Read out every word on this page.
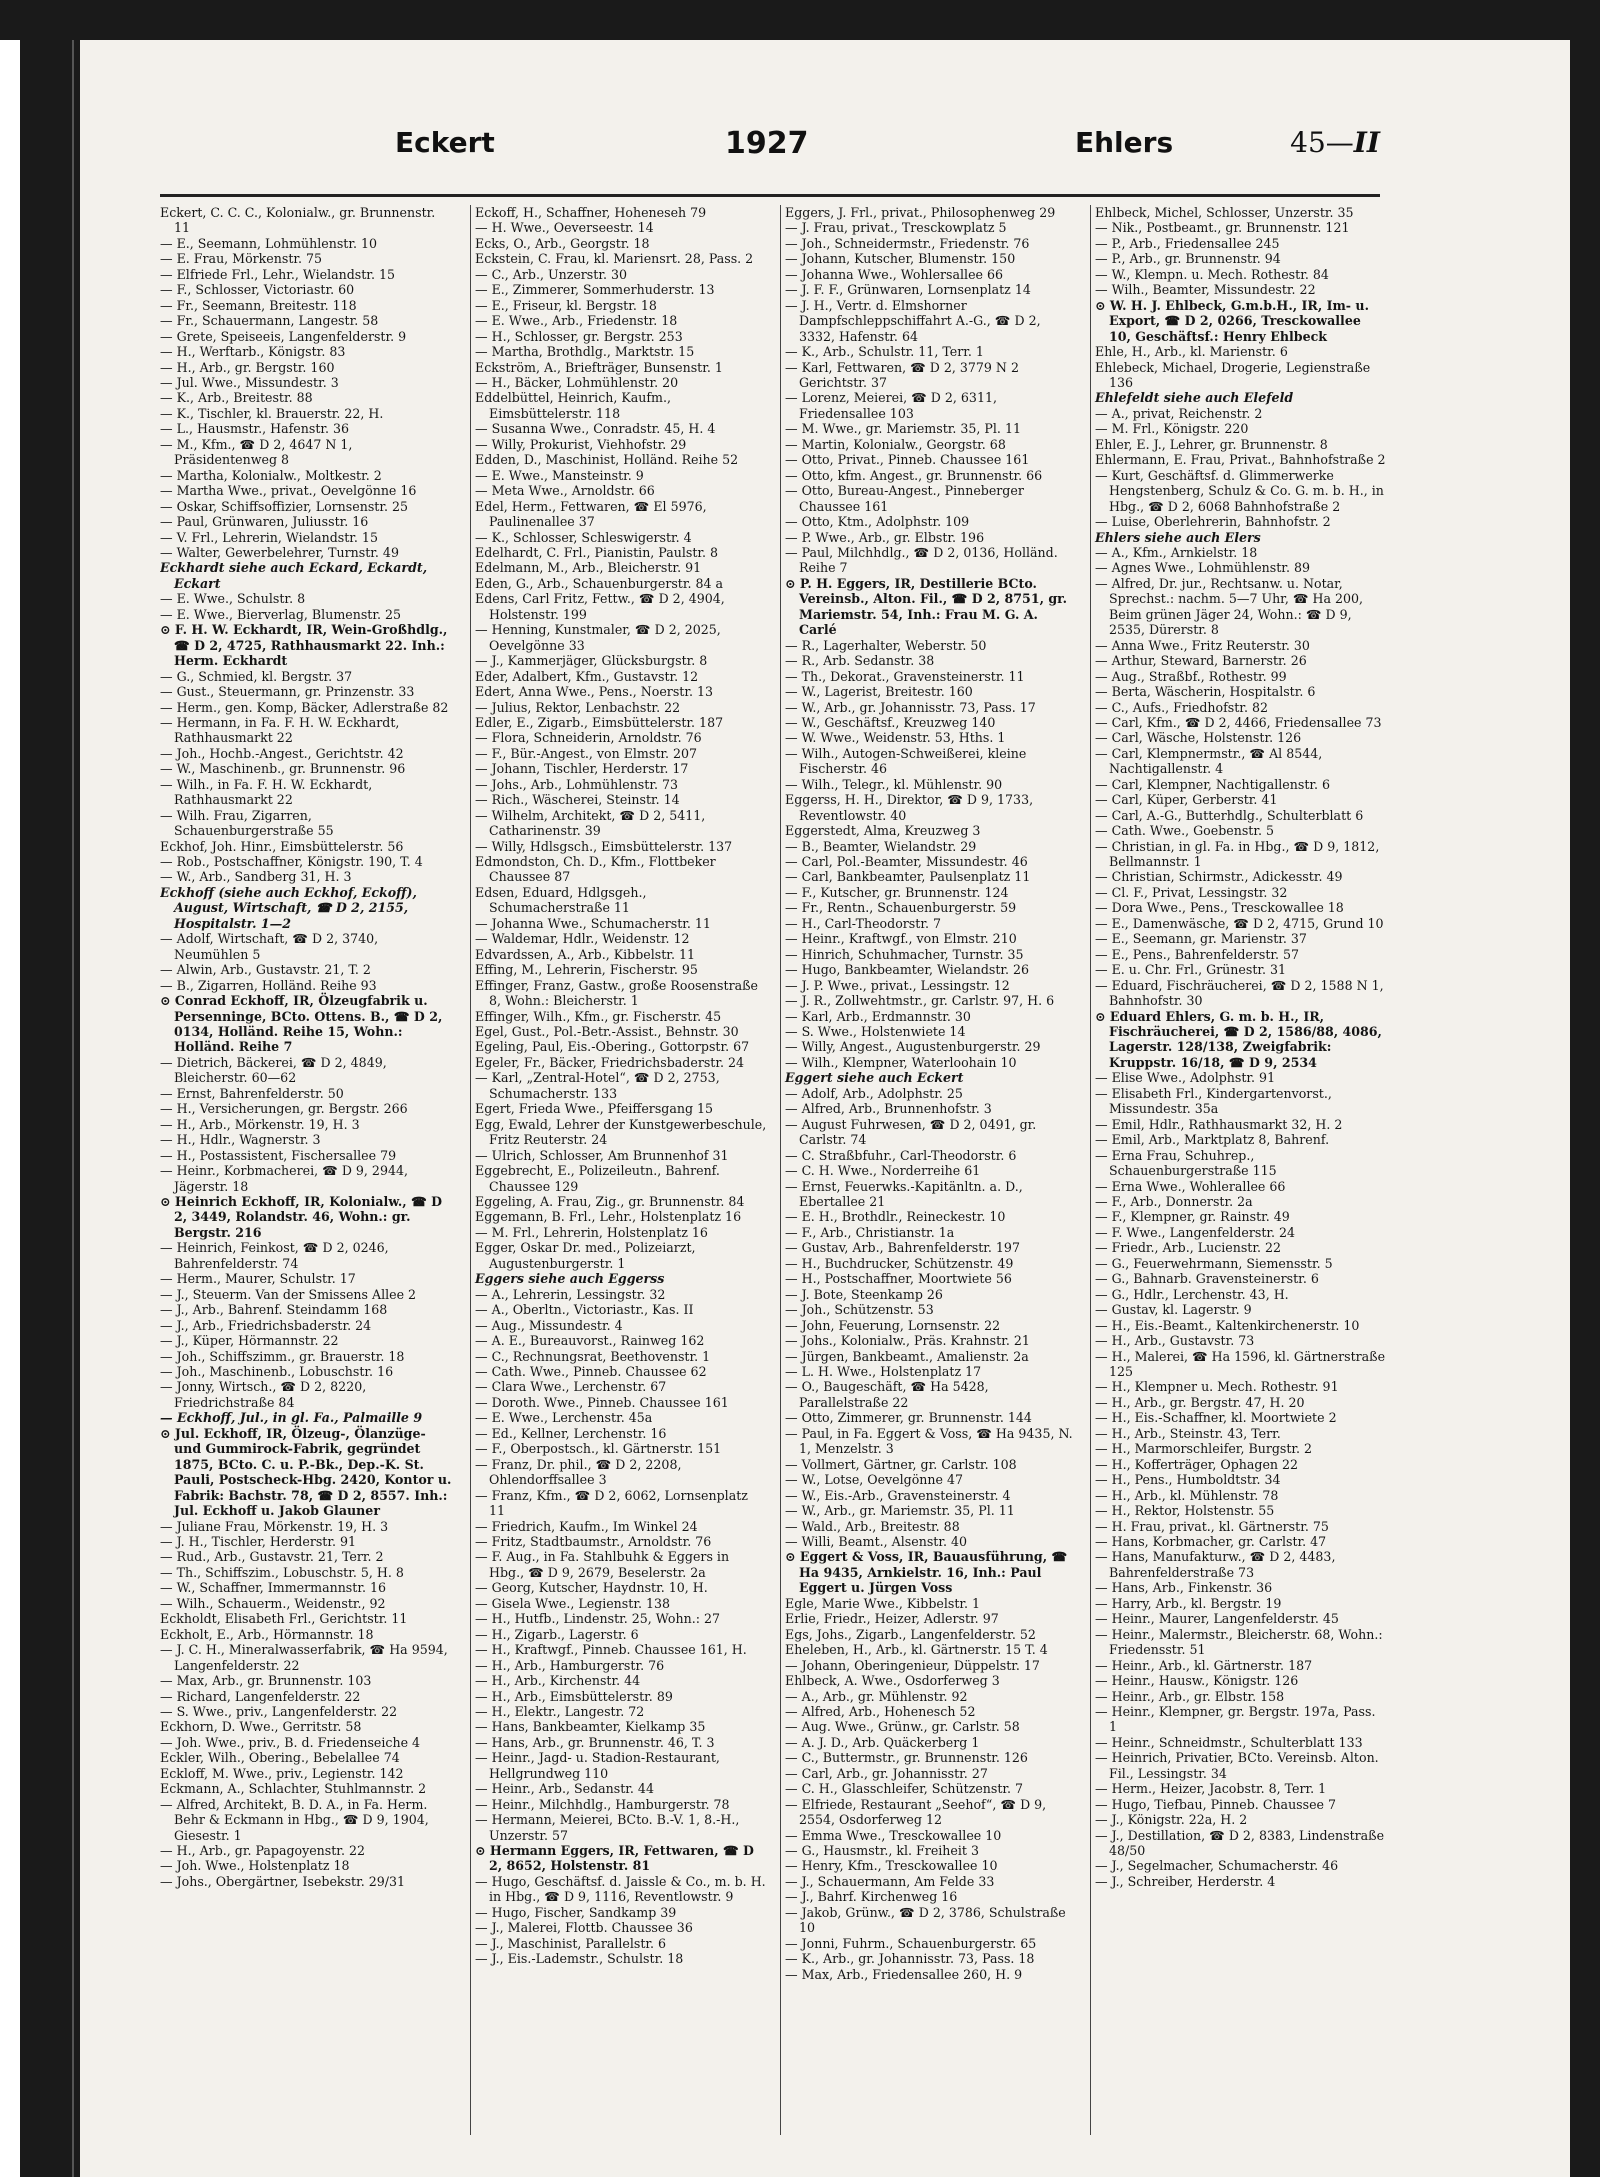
Eckert	1927	Ehlers	45—II

Eckert, C. C. C., Kolonialw., gr. Brunnenstr. 11

— E., Seemann, Lohmühlenstr. 10

— E. Frau, Mörkenstr. 75

— Elfriede Frl., Lehr., Wielandstr. 15

— F., Schlosser, Victoriastr. 60

— Fr., Seemann, Breitestr. 118

— Fr., Schauermann, Langestr. 58

— Grete, Speiseeis, Langenfelderstr. 9

— H., Werftarb., Königstr. 83

— H., Arb., gr. Bergstr. 160

— Jul. Wwe., Missundestr. 3

— K., Arb., Breitestr. 88

— K., Tischler, kl. Brauerstr. 22, H.

— L., Hausmstr., Hafenstr. 36

— M., Kfm., ☎ D 2, 4647 N 1, Präsidentenweg 8

— Martha, Kolonialw., Moltkestr. 2

— Martha Wwe., privat., Oevelgönne 16

— Oskar, Schiffsoffizier, Lornsenstr. 25

— Paul, Grünwaren, Juliusstr. 16

— V. Frl., Lehrerin, Wielandstr. 15

— Walter, Gewerbelehrer, Turnstr. 49

Eckhardt siehe auch Eckard, Eckardt, Eckart

— E. Wwe., Schulstr. 8

— E. Wwe., Bierverlag, Blumenstr. 25

⊙ F. H. W. Eckhardt, IR, Wein-Großhdlg., ☎ D 2, 4725, Rathhausmarkt 22. Inh.: Herm. Eckhardt

— G., Schmied, kl. Bergstr. 37

— Gust., Steuermann, gr. Prinzenstr. 33

— Herm., gen. Komp, Bäcker, Adlerstraße 82

— Hermann, in Fa. F. H. W. Eckhardt, Rathhausmarkt 22

— Joh., Hochb.-Angest., Gerichtstr. 42

— W., Maschinenb., gr. Brunnenstr. 96

— Wilh., in Fa. F. H. W. Eckhardt, Rathhausmarkt 22

— Wilh. Frau, Zigarren, Schauenburgerstraße 55

Eckhof, Joh. Hinr., Eimsbüttelerstr. 56

— Rob., Postschaffner, Königstr. 190, T. 4

— W., Arb., Sandberg 31, H. 3

Eckhoff (siehe auch Eckhof, Eckoff), August, Wirtschaft, ☎ D 2, 2155, Hospitalstr. 1—2

— Adolf, Wirtschaft, ☎ D 2, 3740, Neumühlen 5

— Alwin, Arb., Gustavstr. 21, T. 2

— B., Zigarren, Holländ. Reihe 93

⊙ Conrad Eckhoff, IR, Ölzeugfabrik u. Persenninge, BCto. Ottens. B., ☎ D 2, 0134, Holländ. Reihe 15, Wohn.: Holländ. Reihe 7

— Dietrich, Bäckerei, ☎ D 2, 4849, Bleicherstr. 60—62

— Ernst, Bahrenfelderstr. 50

— H., Versicherungen, gr. Bergstr. 266

— H., Arb., Mörkenstr. 19, H. 3

— H., Hdlr., Wagnerstr. 3

— H., Postassistent, Fischersallee 79

— Heinr., Korbmacherei, ☎ D 9, 2944, Jägerstr. 18

⊙ Heinrich Eckhoff, IR, Kolonialw., ☎ D 2, 3449, Rolandstr. 46, Wohn.: gr. Bergstr. 216

— Heinrich, Feinkost, ☎ D 2, 0246, Bahrenfelderstr. 74

— Herm., Maurer, Schulstr. 17

— J., Steuerm. Van der Smissens Allee 2

— J., Arb., Bahrenf. Steindamm 168

— J., Arb., Friedrichsbaderstr. 24

— J., Küper, Hörmannstr. 22

— Joh., Schiffszimm., gr. Brauerstr. 18

— Joh., Maschinenb., Lobuschstr. 16

— Jonny, Wirtsch., ☎ D 2, 8220, Friedrichstraße 84

— Eckhoff, Jul., in gl. Fa., Palmaille 9

⊙ Jul. Eckhoff, IR, Ölzeug-, Ölanzüge- und Gummirock-Fabrik, gegründet 1875, BCto. C. u. P.-Bk., Dep.-K. St. Pauli, Postscheck-Hbg. 2420, Kontor u. Fabrik: Bachstr. 78, ☎ D 2, 8557. Inh.: Jul. Eckhoff u. Jakob Glauner

— Juliane Frau, Mörkenstr. 19, H. 3

— J. H., Tischler, Herderstr. 91

— Rud., Arb., Gustavstr. 21, Terr. 2

— Th., Schiffszim., Lobuschstr. 5, H. 8

— W., Schaffner, Immermannstr. 16

— Wilh., Schauerm., Weidenstr., 92

Eckholdt, Elisabeth Frl., Gerichtstr. 11

Eckholt, E., Arb., Hörmannstr. 18

— J. C. H., Mineralwasserfabrik, ☎ Ha 9594, Langenfelderstr. 22

— Max, Arb., gr. Brunnenstr. 103

— Richard, Langenfelderstr. 22

— S. Wwe., priv., Langenfelderstr. 22

Eckhorn, D. Wwe., Gerritstr. 58

— Joh. Wwe., priv., B. d. Friedenseiche 4

Eckler, Wilh., Obering., Bebelallee 74

Eckloff, M. Wwe., priv., Legienstr. 142

Eckmann, A., Schlachter, Stuhlmannstr. 2

— Alfred, Architekt, B. D. A., in Fa. Herm. Behr & Eckmann in Hbg., ☎ D 9, 1904, Giesestr. 1

— H., Arb., gr. Papagoyenstr. 22

— Joh. Wwe., Holstenplatz 18

— Johs., Obergärtner, Isebekstr. 29/31

Eckoff, H., Schaffner, Hoheneseh 79

— H. Wwe., Oeverseestr. 14

Ecks, O., Arb., Georgstr. 18

Eckstein, C. Frau, kl. Mariensrt. 28, Pass. 2

— C., Arb., Unzerstr. 30

— E., Zimmerer, Sommerhuderstr. 13

— E., Friseur, kl. Bergstr. 18

— E. Wwe., Arb., Friedenstr. 18

— H., Schlosser, gr. Bergstr. 253

— Martha, Brothdlg., Marktstr. 15

Eckström, A., Briefträger, Bunsenstr. 1

— H., Bäcker, Lohmühlenstr. 20

Eddelbüttel, Heinrich, Kaufm., Eimsbüttelerstr. 118

— Susanna Wwe., Conradstr. 45, H. 4

— Willy, Prokurist, Viehhofstr. 29

Edden, D., Maschinist, Holländ. Reihe 52

— E. Wwe., Mansteinstr. 9

— Meta Wwe., Arnoldstr. 66

Edel, Herm., Fettwaren, ☎ El 5976, Paulinenallee 37

— K., Schlosser, Schleswigerstr. 4

Edelhardt, C. Frl., Pianistin, Paulstr. 8

Edelmann, M., Arb., Bleicherstr. 91

Eden, G., Arb., Schauenburgerstr. 84 a

Edens, Carl Fritz, Fettw., ☎ D 2, 4904, Holstenstr. 199

— Henning, Kunstmaler, ☎ D 2, 2025, Oevelgönne 33

— J., Kammerjäger, Glücksburgstr. 8

Eder, Adalbert, Kfm., Gustavstr. 12

Edert, Anna Wwe., Pens., Noerstr. 13

— Julius, Rektor, Lenbachstr. 22

Edler, E., Zigarb., Eimsbüttelerstr. 187

— Flora, Schneiderin, Arnoldstr. 76

— F., Bür.-Angest., von Elmstr. 207

— Johann, Tischler, Herderstr. 17

— Johs., Arb., Lohmühlenstr. 73

— Rich., Wäscherei, Steinstr. 14

— Wilhelm, Architekt, ☎ D 2, 5411, Catharinenstr. 39

— Willy, Hdlsgsch., Eimsbüttelerstr. 137

Edmondston, Ch. D., Kfm., Flottbeker Chaussee 87

Edsen, Eduard, Hdlgsgeh., Schumacherstraße 11

— Johanna Wwe., Schumacherstr. 11

— Waldemar, Hdlr., Weidenstr. 12

Edvardssen, A., Arb., Kibbelstr. 11

Effing, M., Lehrerin, Fischerstr. 95

Effinger, Franz, Gastw., große Roosenstraße 8, Wohn.: Bleicherstr. 1

Effinger, Wilh., Kfm., gr. Fischerstr. 45

Egel, Gust., Pol.-Betr.-Assist., Behnstr. 30

Egeling, Paul, Eis.-Obering., Gottorpstr. 67

Egeler, Fr., Bäcker, Friedrichsbaderstr. 24

— Karl, „Zentral-Hotel“, ☎ D 2, 2753, Schumacherstr. 133

Egert, Frieda Wwe., Pfeiffersgang 15

Egg, Ewald, Lehrer der Kunstgewerbeschule, Fritz Reuterstr. 24

— Ulrich, Schlosser, Am Brunnenhof 31

Eggebrecht, E., Polizeileutn., Bahrenf. Chaussee 129

Eggeling, A. Frau, Zig., gr. Brunnenstr. 84

Eggemann, B. Frl., Lehr., Holstenplatz 16

— M. Frl., Lehrerin, Holstenplatz 16

Egger, Oskar Dr. med., Polizeiarzt, Augustenburgerstr. 1

Eggers siehe auch Eggerss

— A., Lehrerin, Lessingstr. 32

— A., Oberltn., Victoriastr., Kas. II

— Aug., Missundestr. 4

— A. E., Bureauvorst., Rainweg 162

— C., Rechnungsrat, Beethovenstr. 1

— Cath. Wwe., Pinneb. Chaussee 62

— Clara Wwe., Lerchenstr. 67

— Doroth. Wwe., Pinneb. Chaussee 161

— E. Wwe., Lerchenstr. 45a

— Ed., Kellner, Lerchenstr. 16

— F., Oberpostsch., kl. Gärtnerstr. 151

— Franz, Dr. phil., ☎ D 2, 2208, Ohlendorffsallee 3

— Franz, Kfm., ☎ D 2, 6062, Lornsenplatz 11

— Friedrich, Kaufm., Im Winkel 24

— Fritz, Stadtbaumstr., Arnoldstr. 76

— F. Aug., in Fa. Stahlbuhk & Eggers in Hbg., ☎ D 9, 2679, Beselerstr. 2a

— Georg, Kutscher, Haydnstr. 10, H.

— Gisela Wwe., Legienstr. 138

— H., Hutfb., Lindenstr. 25, Wohn.: 27

— H., Zigarb., Lagerstr. 6

— H., Kraftwgf., Pinneb. Chaussee 161, H.

— H., Arb., Hamburgerstr. 76

— H., Arb., Kirchenstr. 44

— H., Arb., Eimsbüttelerstr. 89

— H., Elektr., Langestr. 72

— Hans, Bankbeamter, Kielkamp 35

— Hans, Arb., gr. Brunnenstr. 46, T. 3

— Heinr., Jagd- u. Stadion-Restaurant, Hellgrundweg 110

— Heinr., Arb., Sedanstr. 44

— Heinr., Milchhdlg., Hamburgerstr. 78

— Hermann, Meierei, BCto. B.-V. 1, 8.-H., Unzerstr. 57

⊙ Hermann Eggers, IR, Fettwaren, ☎ D 2, 8652, Holstenstr. 81

— Hugo, Geschäftsf. d. Jaissle & Co., m. b. H. in Hbg., ☎ D 9, 1116, Reventlowstr. 9

— Hugo, Fischer, Sandkamp 39

— J., Malerei, Flottb. Chaussee 36

— J., Maschinist, Parallelstr. 6

— J., Eis.-Lademstr., Schulstr. 18

Eggers, J. Frl., privat., Philosophenweg 29

— J. Frau, privat., Tresckowplatz 5

— Joh., Schneidermstr., Friedenstr. 76

— Johann, Kutscher, Blumenstr. 150

— Johanna Wwe., Wohlersallee 66

— J. F. F., Grünwaren, Lornsenplatz 14

— J. H., Vertr. d. Elmshorner Dampfschleppschiffahrt A.-G., ☎ D 2, 3332, Hafenstr. 64

— K., Arb., Schulstr. 11, Terr. 1

— Karl, Fettwaren, ☎ D 2, 3779 N 2 Gerichtstr. 37

— Lorenz, Meierei, ☎ D 2, 6311, Friedensallee 103

— M. Wwe., gr. Mariemstr. 35, Pl. 11

— Martin, Kolonialw., Georgstr. 68

— Otto, Privat., Pinneb. Chaussee 161

— Otto, kfm. Angest., gr. Brunnenstr. 66

— Otto, Bureau-Angest., Pinneberger Chaussee 161

— Otto, Ktm., Adolphstr. 109

— P. Wwe., Arb., gr. Elbstr. 196

— Paul, Milchhdlg., ☎ D 2, 0136, Holländ. Reihe 7

⊙ P. H. Eggers, IR, Destillerie BCto. Vereinsb., Alton. Fil., ☎ D 2, 8751, gr. Mariemstr. 54, Inh.: Frau M. G. A. Carlé

— R., Lagerhalter, Weberstr. 50

— R., Arb. Sedanstr. 38

— Th., Dekorat., Gravensteinerstr. 11

— W., Lagerist, Breitestr. 160

— W., Arb., gr. Johannisstr. 73, Pass. 17

— W., Geschäftsf., Kreuzweg 140

— W. Wwe., Weidenstr. 53, Hths. 1

— Wilh., Autogen-Schweißerei, kleine Fischerstr. 46

— Wilh., Telegr., kl. Mühlenstr. 90

Eggerss, H. H., Direktor, ☎ D 9, 1733, Reventlowstr. 40

Eggerstedt, Alma, Kreuzweg 3

— B., Beamter, Wielandstr. 29

— Carl, Pol.-Beamter, Missundestr. 46

— Carl, Bankbeamter, Paulsenplatz 11

— F., Kutscher, gr. Brunnenstr. 124

— Fr., Rentn., Schauenburgerstr. 59

— H., Carl-Theodorstr. 7

— Heinr., Kraftwgf., von Elmstr. 210

— Hinrich, Schuhmacher, Turnstr. 35

— Hugo, Bankbeamter, Wielandstr. 26

— J. P. Wwe., privat., Lessingstr. 12

— J. R., Zollwehtmstr., gr. Carlstr. 97, H. 6

— Karl, Arb., Erdmannstr. 30

— S. Wwe., Holstenwiete 14

— Willy, Angest., Augustenburgerstr. 29

— Wilh., Klempner, Waterloohain 10

Eggert siehe auch Eckert

— Adolf, Arb., Adolphstr. 25

— Alfred, Arb., Brunnenhofstr. 3

— August Fuhrwesen, ☎ D 2, 0491, gr. Carlstr. 74

— C. Straßbfuhr., Carl-Theodorstr. 6

— C. H. Wwe., Norderreihe 61

— Ernst, Feuerwks.-Kapitänltn. a. D., Ebertallee 21

— E. H., Brothdlr., Reineckestr. 10

— F., Arb., Christianstr. 1a

— Gustav, Arb., Bahrenfelderstr. 197

— H., Buchdrucker, Schützenstr. 49

— H., Postschaffner, Moortwiete 56

— J. Bote, Steenkamp 26

— Joh., Schützenstr. 53

— John, Feuerung, Lornsenstr. 22

— Johs., Kolonialw., Präs. Krahnstr. 21

— Jürgen, Bankbeamt., Amalienstr. 2a

— L. H. Wwe., Holstenplatz 17

— O., Baugeschäft, ☎ Ha 5428, Parallelstraße 22

— Otto, Zimmerer, gr. Brunnenstr. 144

— Paul, in Fa. Eggert & Voss, ☎ Ha 9435, N. 1, Menzelstr. 3

— Vollmert, Gärtner, gr. Carlstr. 108

— W., Lotse, Oevelgönne 47

— W., Eis.-Arb., Gravensteinerstr. 4

— W., Arb., gr. Mariemstr. 35, Pl. 11

— Wald., Arb., Breitestr. 88

— Willi, Beamt., Alsenstr. 40

⊙ Eggert & Voss, IR, Bauausführung, ☎ Ha 9435, Arnkielstr. 16, Inh.: Paul Eggert u. Jürgen Voss

Egle, Marie Wwe., Kibbelstr. 1

Erlie, Friedr., Heizer, Adlerstr. 97

Egs, Johs., Zigarb., Langenfelderstr. 52

Eheleben, H., Arb., kl. Gärtnerstr. 15 T. 4

— Johann, Oberingenieur, Düppelstr. 17

Ehlbeck, A. Wwe., Osdorferweg 3

— A., Arb., gr. Mühlenstr. 92

— Alfred, Arb., Hohenesch 52

— Aug. Wwe., Grünw., gr. Carlstr. 58

— A. J. D., Arb. Quäckerberg 1

— C., Buttermstr., gr. Brunnenstr. 126

— Carl, Arb., gr. Johannisstr. 27

— C. H., Glasschleifer, Schützenstr. 7

— Elfriede, Restaurant „Seehof“, ☎ D 9, 2554, Osdorferweg 12

— Emma Wwe., Tresckowallee 10

— G., Hausmstr., kl. Freiheit 3

— Henry, Kfm., Tresckowallee 10

— J., Schauermann, Am Felde 33

— J., Bahrf. Kirchenweg 16

— Jakob, Grünw., ☎ D 2, 3786, Schulstraße 10

— Jonni, Fuhrm., Schauenburgerstr. 65

— K., Arb., gr. Johannisstr. 73, Pass. 18

— Max, Arb., Friedensallee 260, H. 9

Ehlbeck, Michel, Schlosser, Unzerstr. 35

— Nik., Postbeamt., gr. Brunnenstr. 121

— P., Arb., Friedensallee 245

— P., Arb., gr. Brunnenstr. 94

— W., Klempn. u. Mech. Rothestr. 84

— Wilh., Beamter, Missundestr. 22

⊙ W. H. J. Ehlbeck, G.m.b.H., IR, Im- u. Export, ☎ D 2, 0266, Tresckowallee 10, Geschäftsf.: Henry Ehlbeck

Ehle, H., Arb., kl. Marienstr. 6

Ehlebeck, Michael, Drogerie, Legienstraße 136

Ehlefeldt siehe auch Elefeld

— A., privat, Reichenstr. 2

— M. Frl., Königstr. 220

Ehler, E. J., Lehrer, gr. Brunnenstr. 8

Ehlermann, E. Frau, Privat., Bahnhofstraße 2

— Kurt, Geschäftsf. d. Glimmerwerke Hengstenberg, Schulz & Co. G. m. b. H., in Hbg., ☎ D 2, 6068 Bahnhofstraße 2

— Luise, Oberlehrerin, Bahnhofstr. 2

Ehlers siehe auch Elers

— A., Kfm., Arnkielstr. 18

— Agnes Wwe., Lohmühlenstr. 89

— Alfred, Dr. jur., Rechtsanw. u. Notar, Sprechst.: nachm. 5—7 Uhr, ☎ Ha 200, Beim grünen Jäger 24, Wohn.: ☎ D 9, 2535, Dürerstr. 8

— Anna Wwe., Fritz Reuterstr. 30

— Arthur, Steward, Barnerstr. 26

— Aug., Straßbf., Rothestr. 99

— Berta, Wäscherin, Hospitalstr. 6

— C., Aufs., Friedhofstr. 82

— Carl, Kfm., ☎ D 2, 4466, Friedensallee 73

— Carl, Wäsche, Holstenstr. 126

— Carl, Klempnermstr., ☎ Al 8544, Nachtigallenstr. 4

— Carl, Klempner, Nachtigallenstr. 6

— Carl, Küper, Gerberstr. 41

— Carl, A.-G., Butterhdlg., Schulterblatt 6

— Cath. Wwe., Goebenstr. 5

— Christian, in gl. Fa. in Hbg., ☎ D 9, 1812, Bellmannstr. 1

— Christian, Schirmstr., Adickesstr. 49

— Cl. F., Privat, Lessingstr. 32

— Dora Wwe., Pens., Tresckowallee 18

— E., Damenwäsche, ☎ D 2, 4715, Grund 10

— E., Seemann, gr. Marienstr. 37

— E., Pens., Bahrenfelderstr. 57

— E. u. Chr. Frl., Grünestr. 31

— Eduard, Fischräucherei, ☎ D 2, 1588 N 1, Bahnhofstr. 30

⊙ Eduard Ehlers, G. m. b. H., IR, Fischräucherei, ☎ D 2, 1586/88, 4086, Lagerstr. 128/138, Zweigfabrik: Kruppstr. 16/18, ☎ D 9, 2534

— Elise Wwe., Adolphstr. 91

— Elisabeth Frl., Kindergartenvorst., Missundestr. 35a

— Emil, Hdlr., Rathhausmarkt 32, H. 2

— Emil, Arb., Marktplatz 8, Bahrenf.

— Erna Frau, Schuhrep., Schauenburgerstraße 115

— Erna Wwe., Wohlerallee 66

— F., Arb., Donnerstr. 2a

— F., Klempner, gr. Rainstr. 49

— F. Wwe., Langenfelderstr. 24

— Friedr., Arb., Lucienstr. 22

— G., Feuerwehrmann, Siemensstr. 5

— G., Bahnarb. Gravensteinerstr. 6

— G., Hdlr., Lerchenstr. 43, H.

— Gustav, kl. Lagerstr. 9

— H., Eis.-Beamt., Kaltenkirchenerstr. 10

— H., Arb., Gustavstr. 73

— H., Malerei, ☎ Ha 1596, kl. Gärtnerstraße 125

— H., Klempner u. Mech. Rothestr. 91

— H., Arb., gr. Bergstr. 47, H. 20

— H., Eis.-Schaffner, kl. Moortwiete 2

— H., Arb., Steinstr. 43, Terr.

— H., Marmorschleifer, Burgstr. 2

— H., Kofferträger, Ophagen 22

— H., Pens., Humboldtstr. 34

— H., Arb., kl. Mühlenstr. 78

— H., Rektor, Holstenstr. 55

— H. Frau, privat., kl. Gärtnerstr. 75

— Hans, Korbmacher, gr. Carlstr. 47

— Hans, Manufakturw., ☎ D 2, 4483, Bahrenfelderstraße 73

— Hans, Arb., Finkenstr. 36

— Harry, Arb., kl. Bergstr. 19

— Heinr., Maurer, Langenfelderstr. 45

— Heinr., Malermstr., Bleicherstr. 68, Wohn.: Friedensstr. 51

— Heinr., Arb., kl. Gärtnerstr. 187

— Heinr., Hausw., Königstr. 126

— Heinr., Arb., gr. Elbstr. 158

— Heinr., Klempner, gr. Bergstr. 197a, Pass. 1

— Heinr., Schneidmstr., Schulterblatt 133

— Heinrich, Privatier, BCto. Vereinsb. Alton. Fil., Lessingstr. 34

— Herm., Heizer, Jacobstr. 8, Terr. 1

— Hugo, Tiefbau, Pinneb. Chaussee 7

— J., Königstr. 22a, H. 2

— J., Destillation, ☎ D 2, 8383, Lindenstraße 48/50

— J., Segelmacher, Schumacherstr. 46

— J., Schreiber, Herderstr. 4
